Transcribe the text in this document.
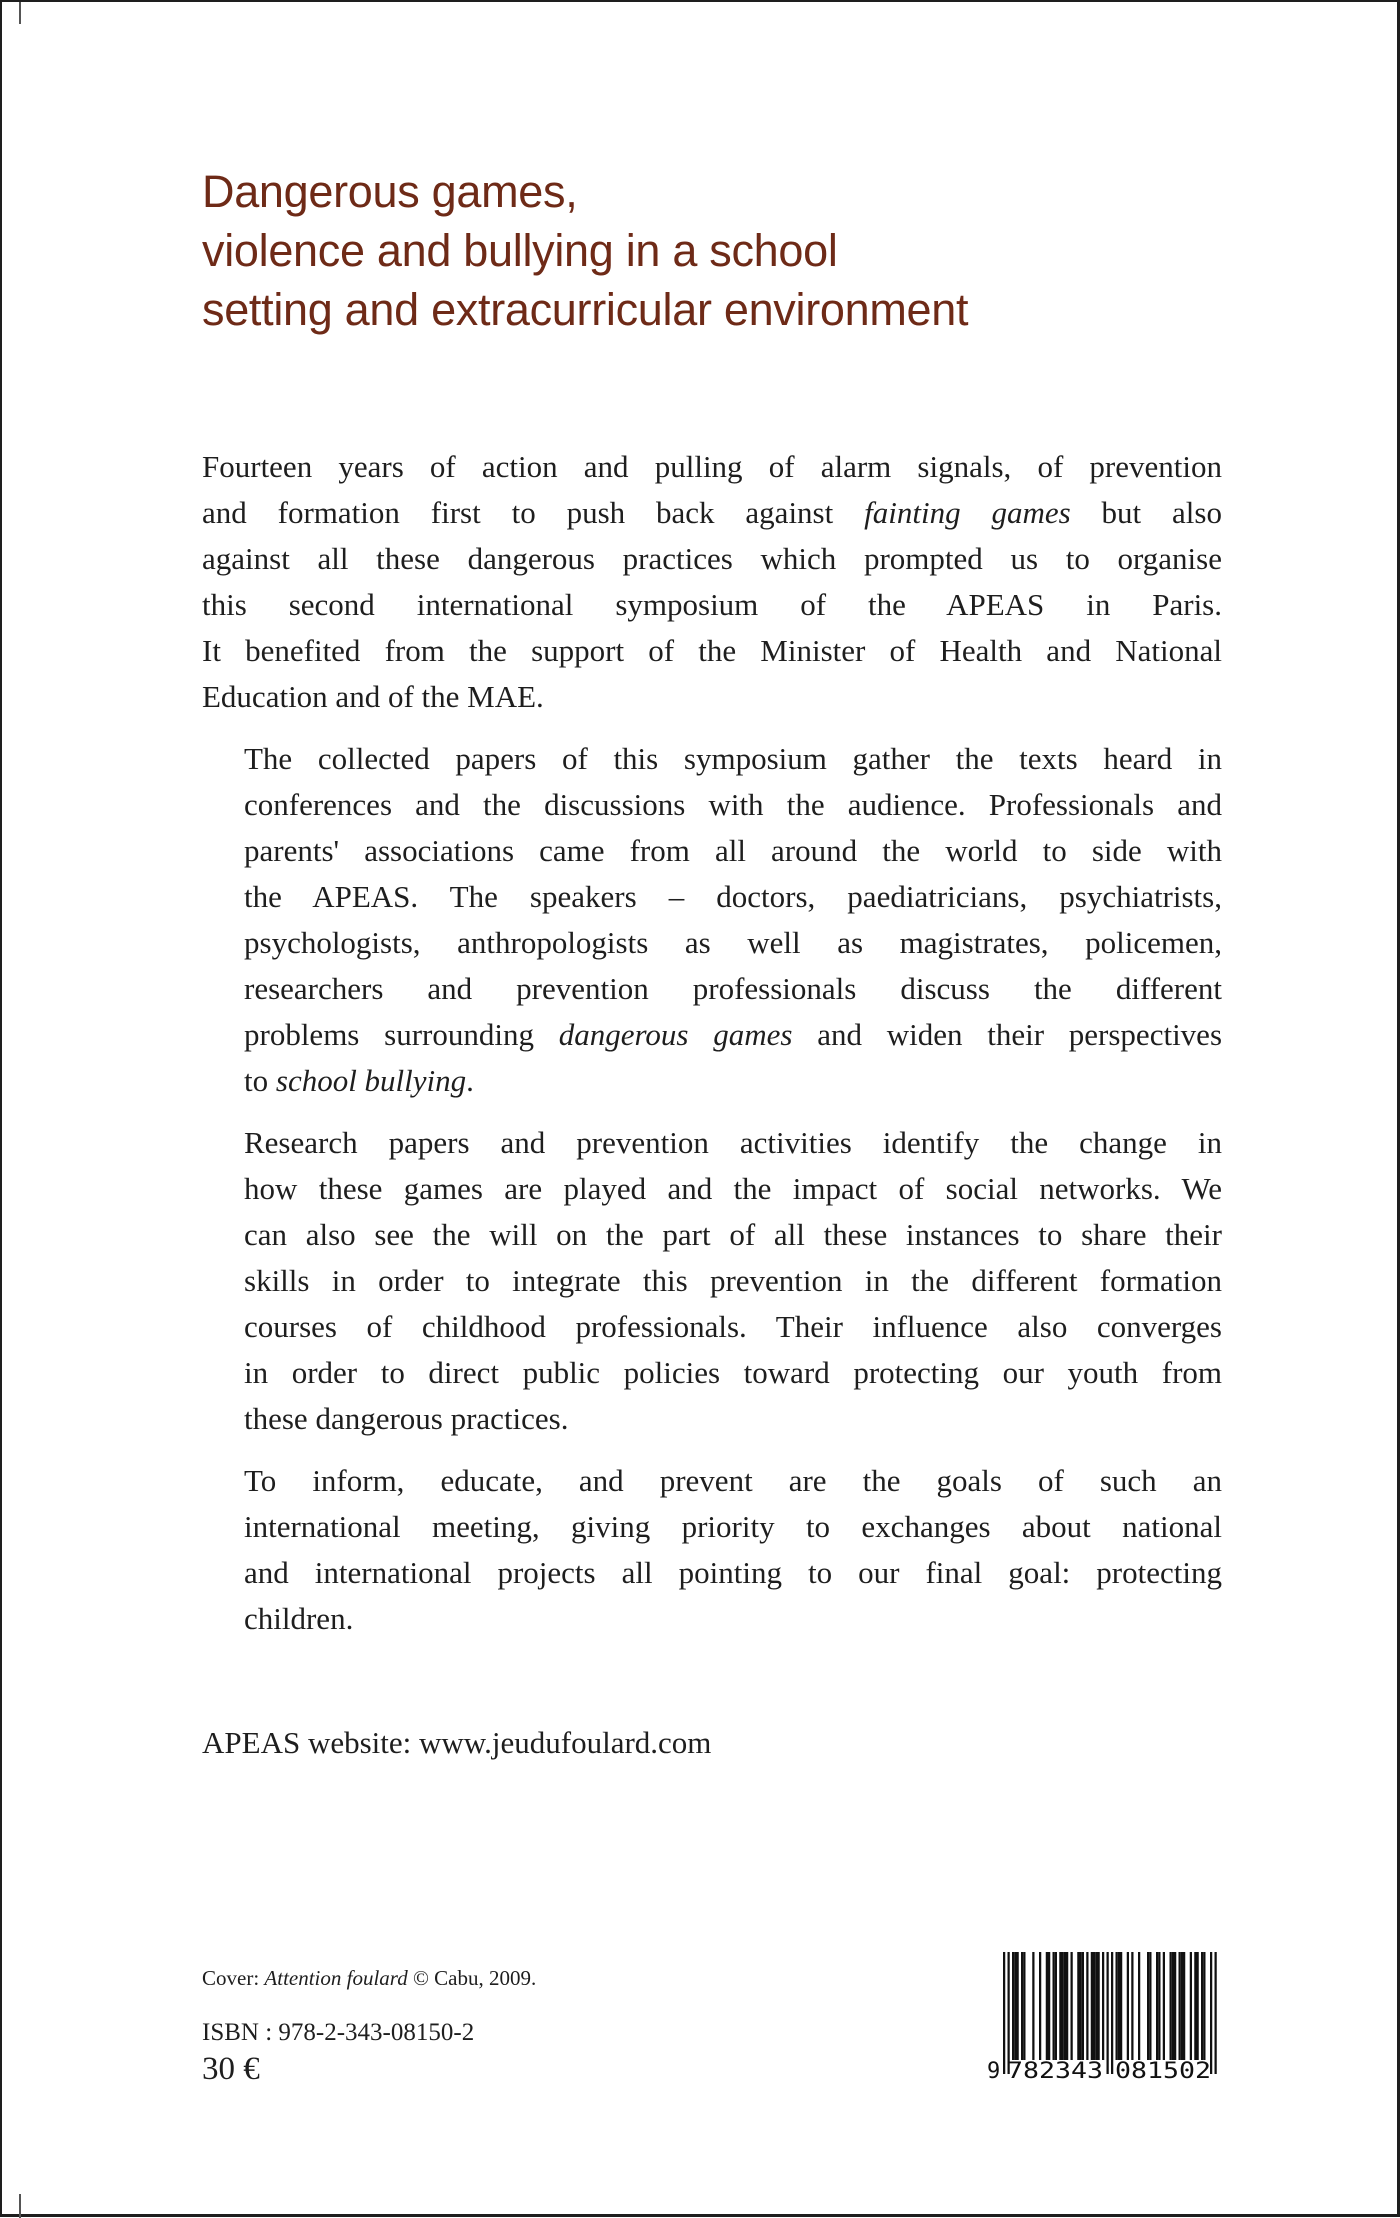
Dangerous games,
violence and bullying in a school
setting and extracurricular environment

Fourteen years of action and pulling of alarm signals, of prevention
and formation first to push back against fainting games but also
against all these dangerous practices which prompted us to organise
this second international symposium of the APEAS in Paris.
It benefited from the support of the Minister of Health and National
Education and of the MAE.

The collected papers of this symposium gather the texts heard in
conferences and the discussions with the audience. Professionals and
parents' associations came from all around the world to side with
the APEAS. The speakers – doctors, paediatricians, psychiatrists,
psychologists, anthropologists as well as magistrates, policemen,
researchers and prevention professionals discuss the different
problems surrounding dangerous games and widen their perspectives
to school bullying.

Research papers and prevention activities identify the change in
how these games are played and the impact of social networks. We
can also see the will on the part of all these instances to share their
skills in order to integrate this prevention in the different formation
courses of childhood professionals. Their influence also converges
in order to direct public policies toward protecting our youth from
these dangerous practices.

To inform, educate, and prevent are the goals of such an
international meeting, giving priority to exchanges about national
and international projects all pointing to our final goal: protecting
children.

APEAS website: www.jeudufoulard.com
Cover: Attention foulard © Cabu, 2009.
ISBN : 978-2-343-08150-2
30 €	9 782343 081502
